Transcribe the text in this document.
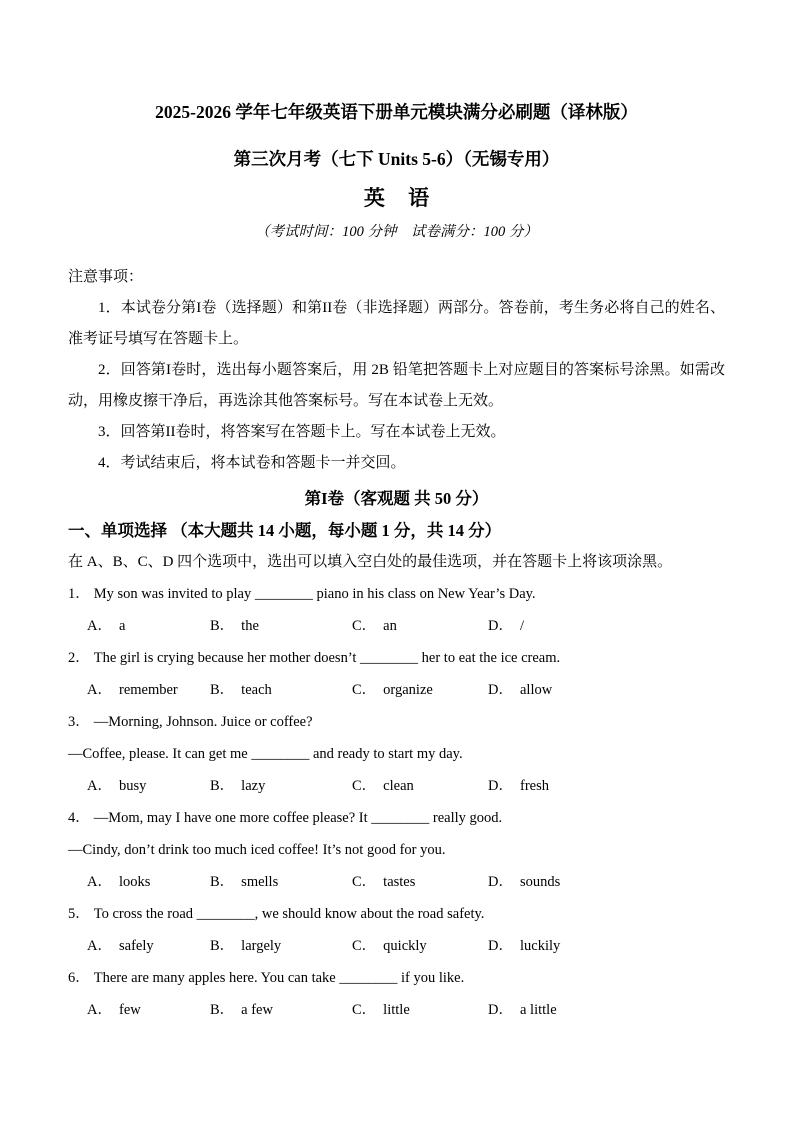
2025-2026 学年七年级英语下册单元模块满分必刷题（译林版）
第三次月考（七下 Units 5-6）（无锡专用）
英 语
（考试时间：100 分钟　试卷满分：100 分）
注意事项：
1．本试卷分第I卷（选择题）和第II卷（非选择题）两部分。答卷前，考生务必将自己的姓名、准考证号填写在答题卡上。
2．回答第I卷时，选出每小题答案后，用 2B 铅笔把答题卡上对应题目的答案标号涂黑。如需改动，用橡皮擦干净后，再选涂其他答案标号。写在本试卷上无效。
3．回答第II卷时，将答案写在答题卡上。写在本试卷上无效。
4．考试结束后，将本试卷和答题卡一并交回。
第I卷（客观题 共 50 分）
一、单项选择 （本大题共 14 小题，每小题 1 分，共 14 分）
在 A、B、C、D 四个选项中，选出可以填入空白处的最佳选项，并在答题卡上将该项涂黑。
1． My son was invited to play ________ piano in his class on New Year’s Day.
A． a	B． the	C． an	D． /
2． The girl is crying because her mother doesn’t ________ her to eat the ice cream.
A． remember	B． teach	C． organize	D． allow
3． —Morning, Johnson. Juice or coffee?
—Coffee, please. It can get me ________ and ready to start my day.
A． busy	B． lazy	C． clean	D． fresh
4． —Mom, may I have one more coffee please? It ________ really good.
—Cindy, don’t drink too much iced coffee! It’s not good for you.
A． looks	B． smells	C． tastes	D． sounds
5． To cross the road ________, we should know about the road safety.
A． safely	B． largely	C． quickly	D． luckily
6． There are many apples here. You can take ________ if you like.
A． few	B． a few	C． little	D． a little
